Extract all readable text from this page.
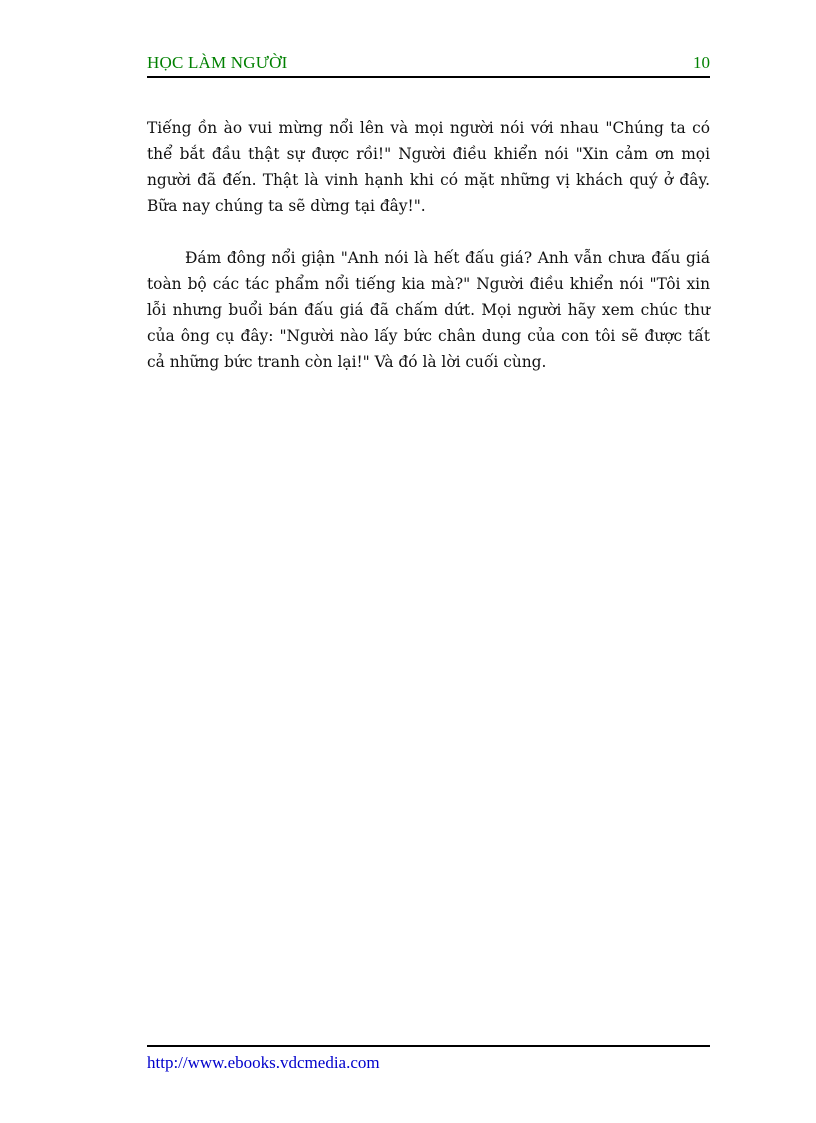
HỌC LÀM NGƯỜI	10

Tiếng ồn ào vui mừng nổi lên và mọi người nói với nhau "Chúng ta có thể bắt đầu thật sự được rồi!" Người điều khiển nói "Xin cảm ơn mọi người đã đến. Thật là vinh hạnh khi có mặt những vị khách quý ở đây. Bữa nay chúng ta sẽ dừng tại đây!".

Đám đông nổi giận "Anh nói là hết đấu giá? Anh vẫn chưa đấu giá toàn bộ các tác phẩm nổi tiếng kia mà?" Người điều khiển nói "Tôi xin lỗi nhưng buổi bán đấu giá đã chấm dứt. Mọi người hãy xem chúc thư của ông cụ đây: "Người nào lấy bức chân dung của con tôi sẽ được tất cả những bức tranh còn lại!" Và đó là lời cuối cùng.

http://www.ebooks.vdcmedia.com
